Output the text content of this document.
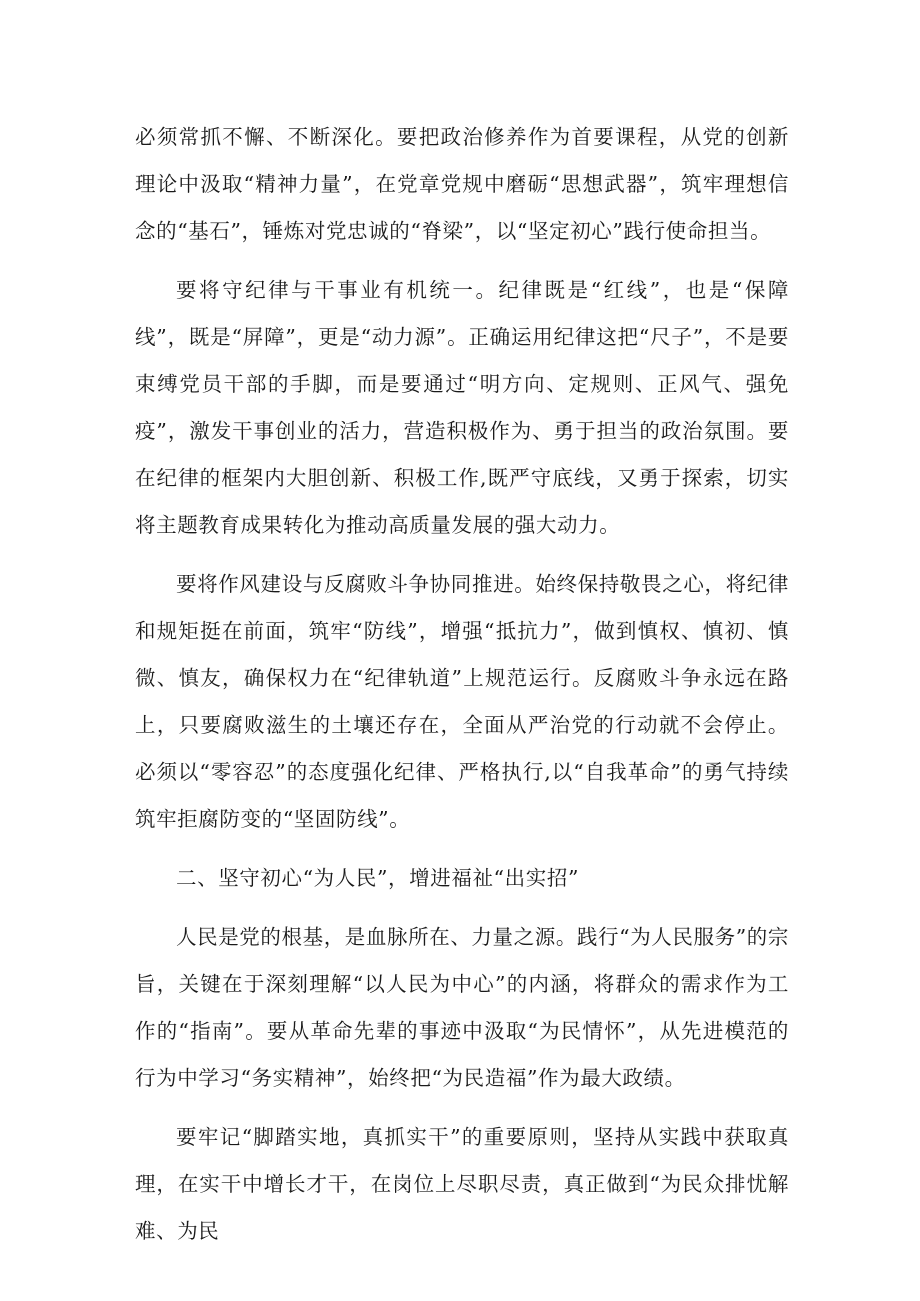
必须常抓不懈、不断深化。要把政治修养作为首要课程，从党的创新理论中汲取“精神力量”，在党章党规中磨砺“思想武器”，筑牢理想信念的“基石”，锤炼对党忠诚的“脊梁”，以“坚定初心”践行使命担当。

要将守纪律与干事业有机统一。纪律既是“红线”，也是“保障线”，既是“屏障”，更是“动力源”。正确运用纪律这把“尺子”，不是要束缚党员干部的手脚，而是要通过“明方向、定规则、正风气、强免疫”，激发干事创业的活力，营造积极作为、勇于担当的政治氛围。要在纪律的框架内大胆创新、积极工作,既严守底线，又勇于探索，切实将主题教育成果转化为推动高质量发展的强大动力。

要将作风建设与反腐败斗争协同推进。始终保持敬畏之心，将纪律和规矩挺在前面，筑牢“防线”，增强“抵抗力”，做到慎权、慎初、慎微、慎友，确保权力在“纪律轨道”上规范运行。反腐败斗争永远在路上，只要腐败滋生的土壤还存在，全面从严治党的行动就不会停止。必须以“零容忍”的态度强化纪律、严格执行,以“自我革命”的勇气持续筑牢拒腐防变的“坚固防线”。

二、坚守初心“为人民”，增进福祉“出实招”

人民是党的根基，是血脉所在、力量之源。践行“为人民服务”的宗旨，关键在于深刻理解“以人民为中心”的内涵，将群众的需求作为工作的“指南”。要从革命先辈的事迹中汲取“为民情怀”，从先进模范的行为中学习“务实精神”，始终把“为民造福”作为最大政绩。

要牢记“脚踏实地，真抓实干”的重要原则，坚持从实践中获取真理，在实干中增长才干，在岗位上尽职尽责，真正做到“为民众排忧解难、为民
